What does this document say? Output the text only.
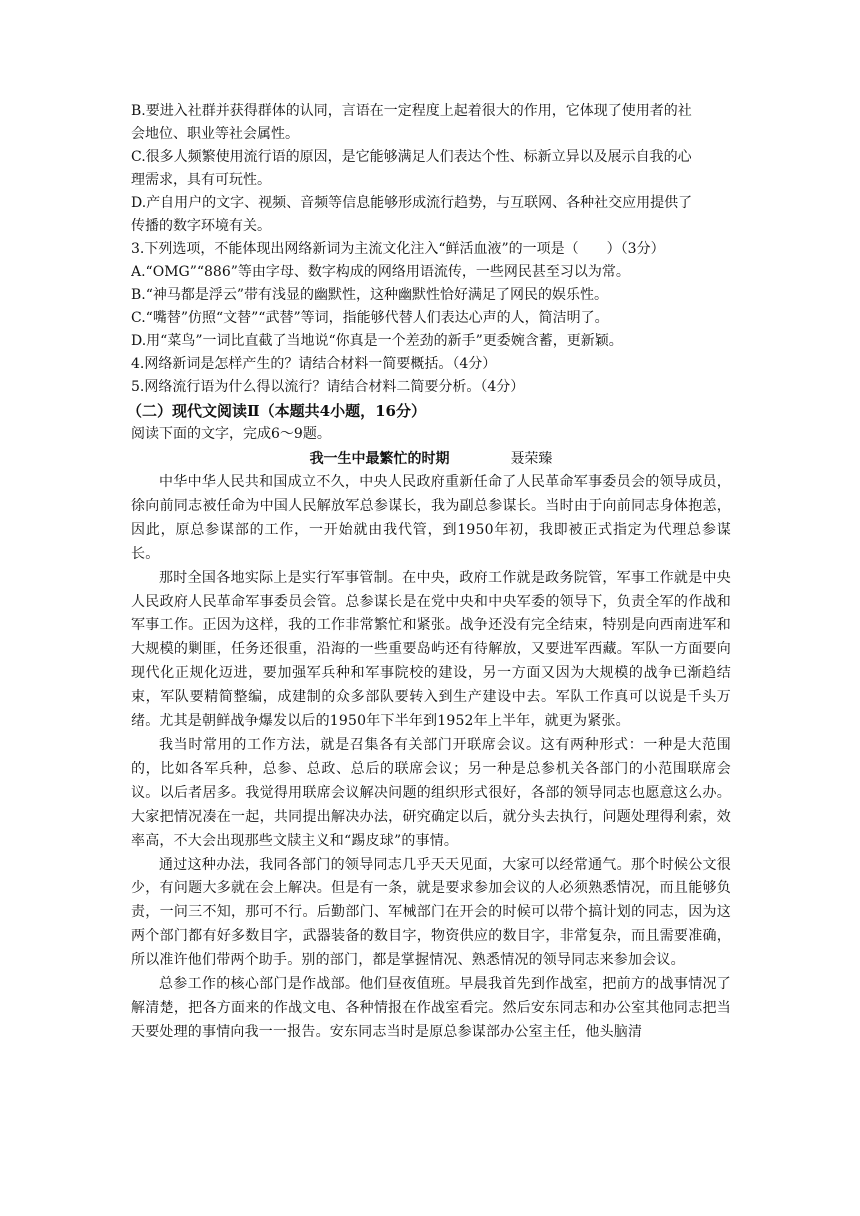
B.要进入社群并获得群体的认同，言语在一定程度上起着很大的作用，它体现了使用者的社

会地位、职业等社会属性。

C.很多人频繁使用流行语的原因，是它能够满足人们表达个性、标新立异以及展示自我的心

理需求，具有可玩性。

D.产自用户的文字、视频、音频等信息能够形成流行趋势，与互联网、各种社交应用提供了

传播的数字环境有关。

3.下列选项，不能体现出网络新词为主流文化注入“鲜活血液”的一项是（　　）（3分）

A.“OMG”“886”等由字母、数字构成的网络用语流传，一些网民甚至习以为常。

B.“神马都是浮云”带有浅显的幽默性，这种幽默性恰好满足了网民的娱乐性。

C.“嘴替”仿照“文替”“武替”等词，指能够代替人们表达心声的人，简洁明了。

D.用“菜鸟”一词比直截了当地说“你真是一个差劲的新手”更委婉含蓄，更新颖。

4.网络新词是怎样产生的？请结合材料一简要概括。（4分）

5.网络流行语为什么得以流行？请结合材料二简要分析。（4分）

（二）现代文阅读Ⅱ（本题共4小题，16分）

阅读下面的文字，完成6～9题。

我一生中最繁忙的时期	聂荣臻

中华中华人民共和国成立不久，中央人民政府重新任命了人民革命军事委员会的领导成员，徐向前同志被任命为中国人民解放军总参谋长，我为副总参谋长。当时由于向前同志身体抱恙，因此，原总参谋部的工作，一开始就由我代管，到1950年初，我即被正式指定为代理总参谋长。

那时全国各地实际上是实行军事管制。在中央，政府工作就是政务院管，军事工作就是中央人民政府人民革命军事委员会管。总参谋长是在党中央和中央军委的领导下，负责全军的作战和军事工作。正因为这样，我的工作非常繁忙和紧张。战争还没有完全结束，特别是向西南进军和大规模的剿匪，任务还很重，沿海的一些重要岛屿还有待解放，又要进军西藏。军队一方面要向现代化正规化迈进，要加强军兵种和军事院校的建设，另一方面又因为大规模的战争已渐趋结束，军队要精简整编，成建制的众多部队要转入到生产建设中去。军队工作真可以说是千头万绪。尤其是朝鲜战争爆发以后的1950年下半年到1952年上半年，就更为紧张。

我当时常用的工作方法，就是召集各有关部门开联席会议。这有两种形式：一种是大范围的，比如各军兵种，总参、总政、总后的联席会议；另一种是总参机关各部门的小范围联席会议。以后者居多。我觉得用联席会议解决问题的组织形式很好，各部的领导同志也愿意这么办。大家把情况凑在一起，共同提出解决办法，研究确定以后，就分头去执行，问题处理得利索，效率高，不大会出现那些文牍主义和“踢皮球”的事情。

通过这种办法，我同各部门的领导同志几乎天天见面，大家可以经常通气。那个时候公文很少，有问题大多就在会上解决。但是有一条，就是要求参加会议的人必须熟悉情况，而且能够负责，一问三不知，那可不行。后勤部门、军械部门在开会的时候可以带个搞计划的同志，因为这两个部门都有好多数目字，武器装备的数目字，物资供应的数目字，非常复杂，而且需要准确，所以准许他们带两个助手。别的部门，都是掌握情况、熟悉情况的领导同志来参加会议。

总参工作的核心部门是作战部。他们昼夜值班。早晨我首先到作战室，把前方的战事情况了解清楚，把各方面来的作战文电、各种情报在作战室看完。然后安东同志和办公室其他同志把当天要处理的事情向我一一报告。安东同志当时是原总参谋部办公室主任，他头脑清
